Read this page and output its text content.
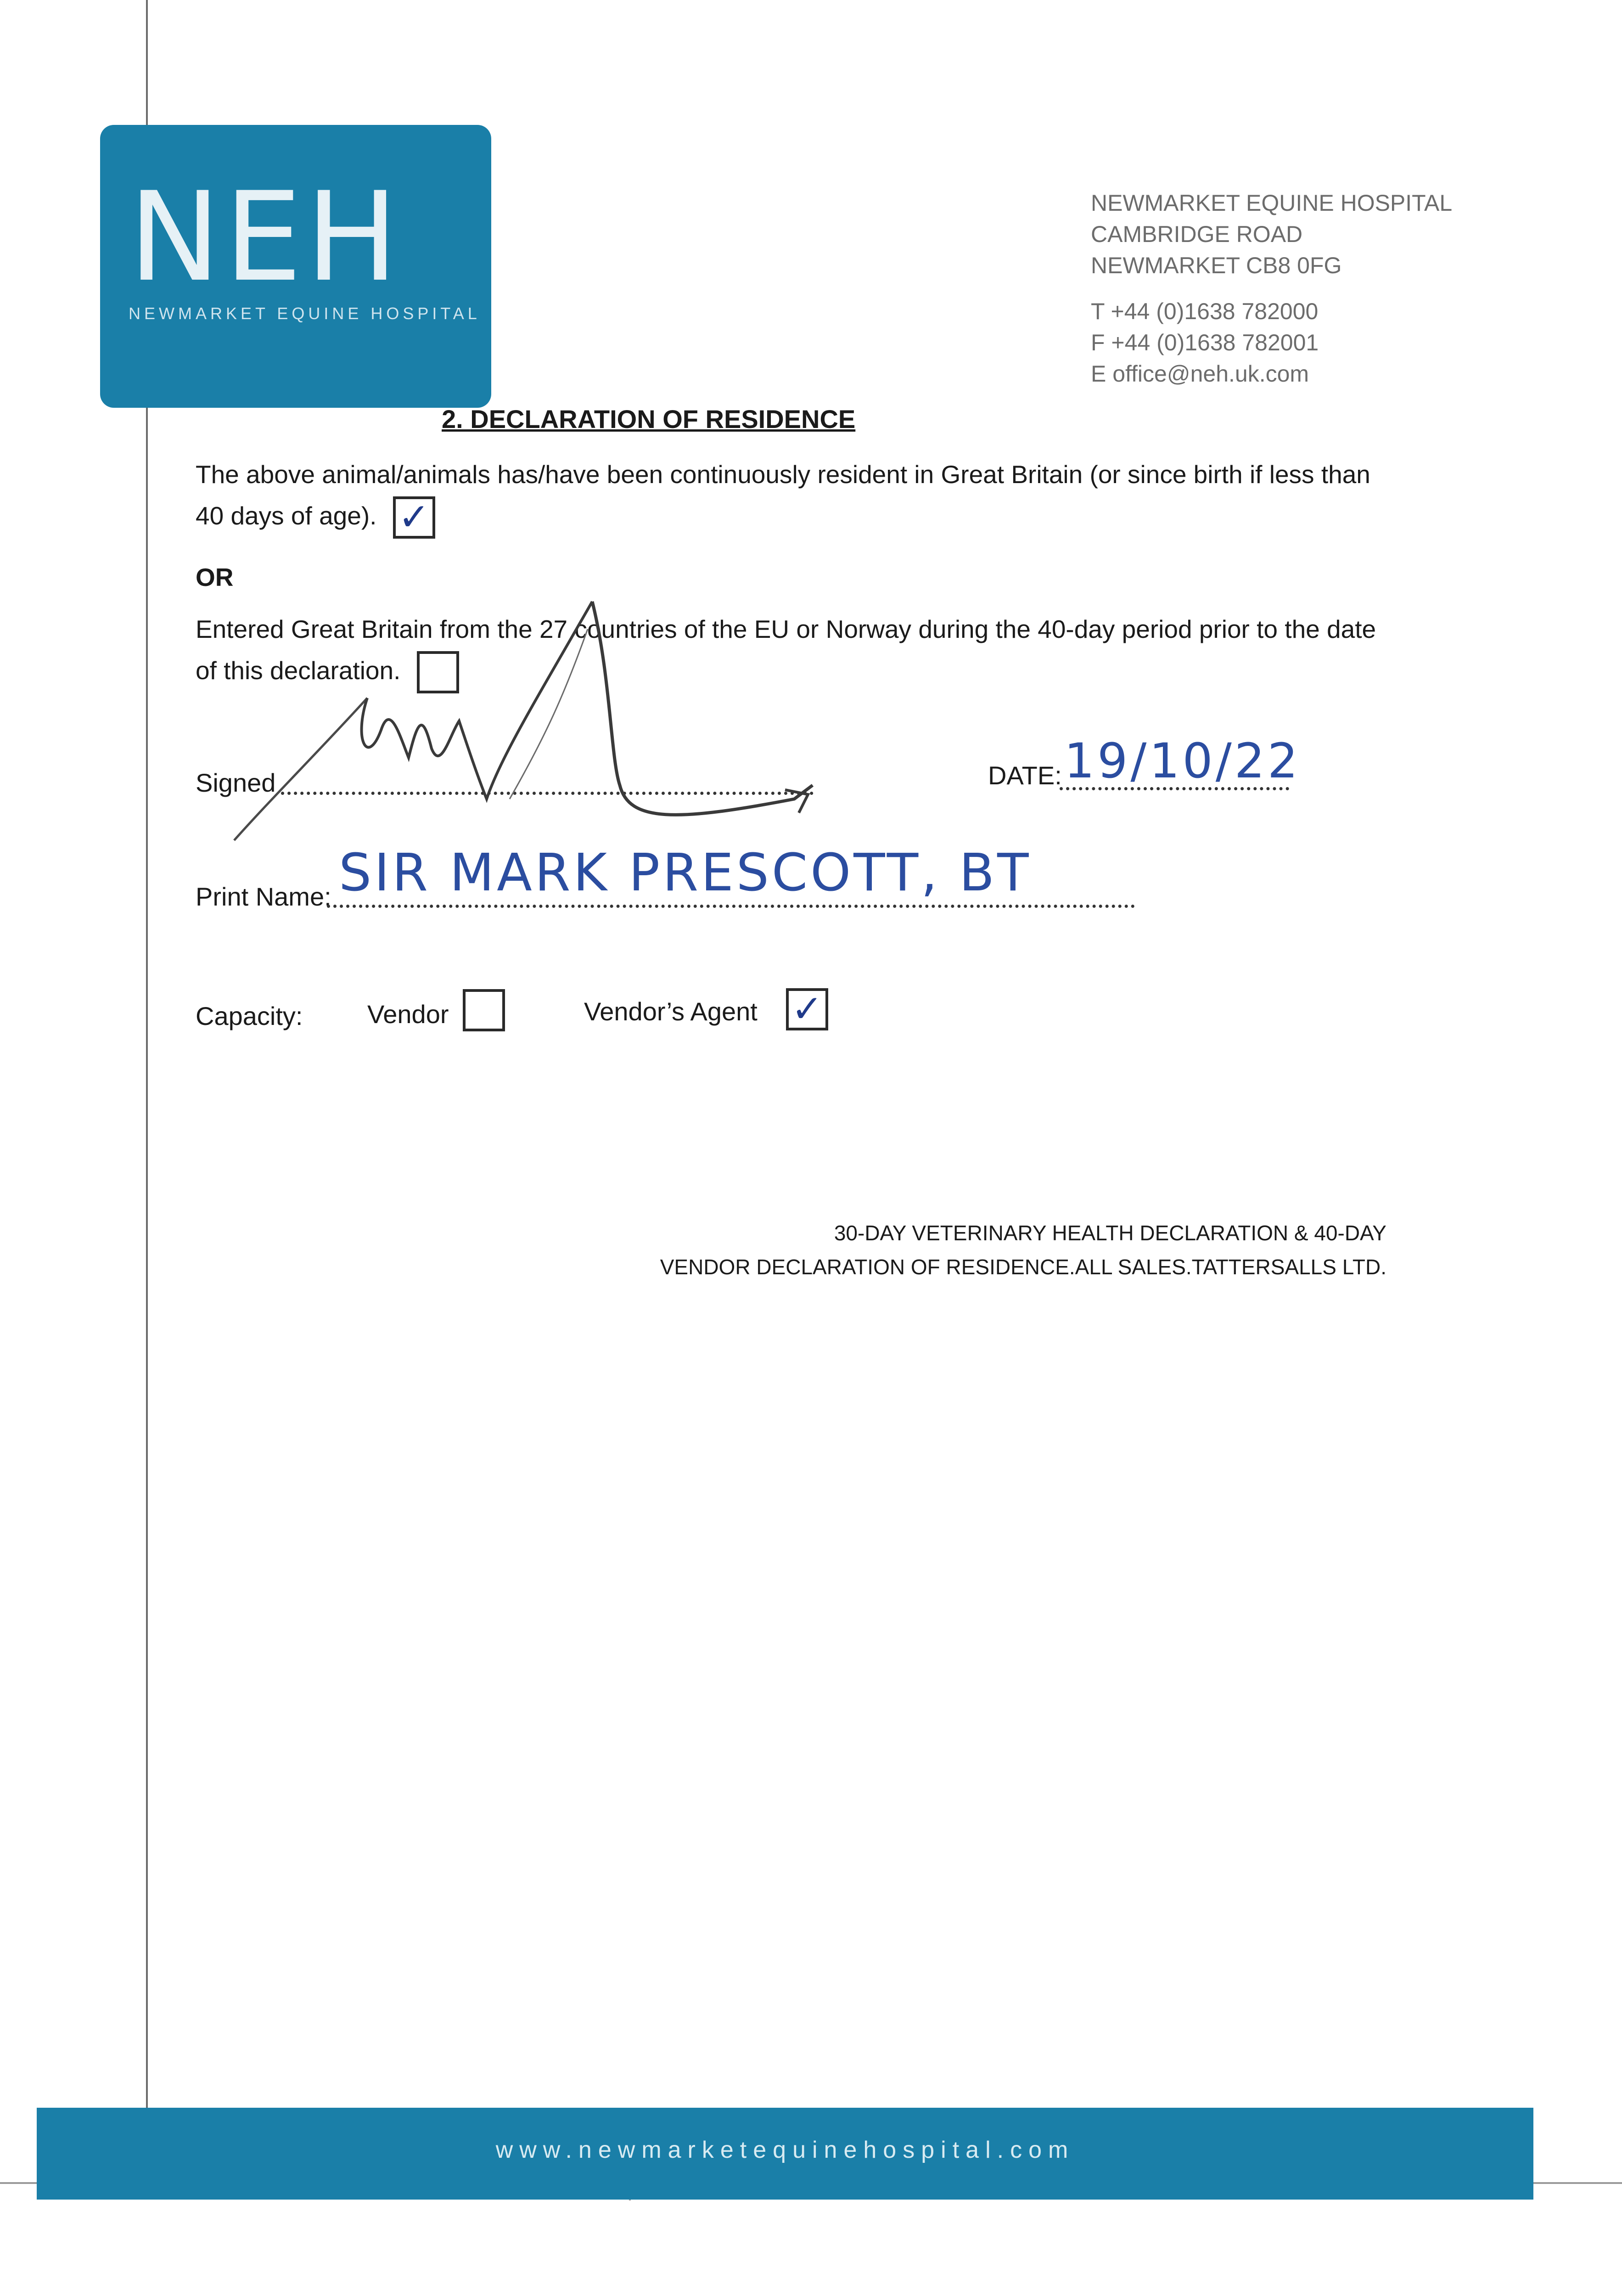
NEH
NEWMARKET EQUINE HOSPITAL
NEWMARKET EQUINE HOSPITAL
CAMBRIDGE ROAD
NEWMARKET CB8 0FG
T +44 (0)1638 782000
F +44 (0)1638 782001
E office@neh.uk.com
2. DECLARATION OF RESIDENCE
The above animal/animals has/have been continuously resident in Great Britain (or since birth if less than 40 days of age). ✓
OR
Entered Great Britain from the 27 countries of the EU or Norway during the 40-day period prior to the date of this declaration.
Signed	DATE: 19/10/22
Print Name: SIR MARK PRESCOTT, BT
Capacity:	Vendor	Vendor’s Agent ✓
30-DAY VETERINARY HEALTH DECLARATION & 40-DAY
VENDOR DECLARATION OF RESIDENCE.ALL SALES.TATTERSALLS LTD.
www.newmarketequinehospital.com
